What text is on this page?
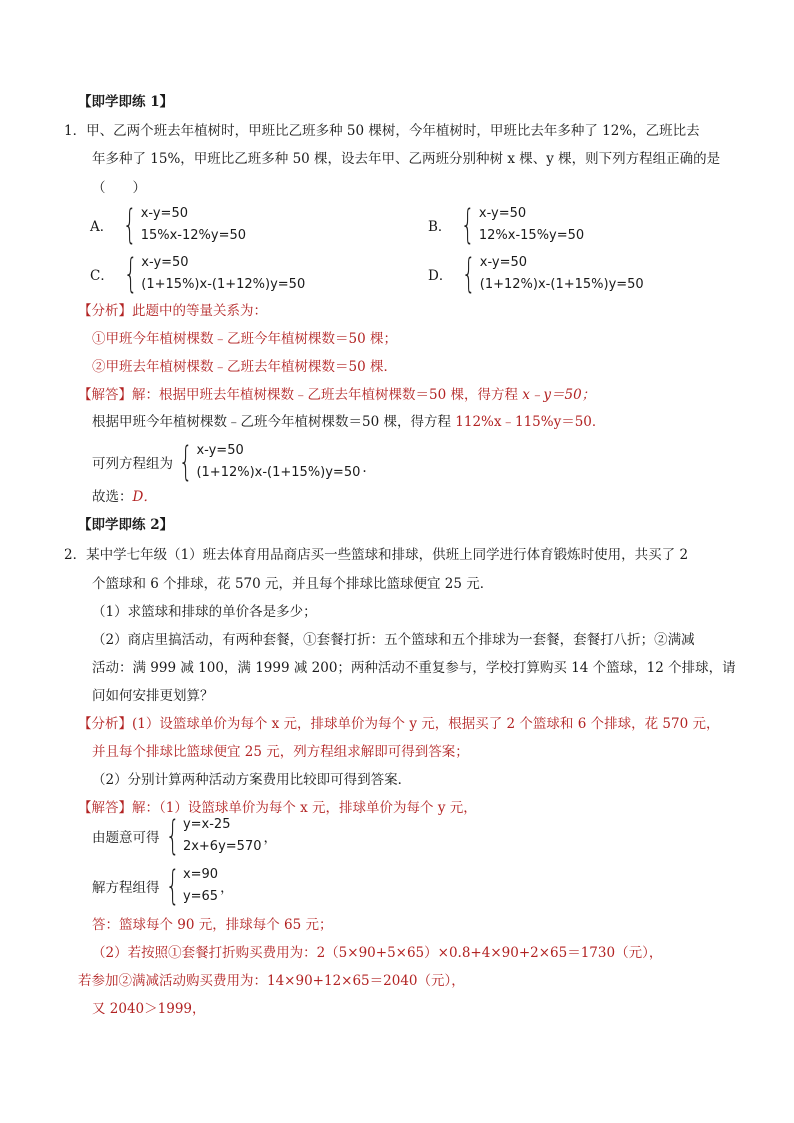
【即学即练 1】
1．甲、乙两个班去年植树时，甲班比乙班多种 50 棵树，今年植树时，甲班比去年多种了 12%，乙班比去
年多种了 15%，甲班比乙班多种 50 棵，设去年甲、乙两班分别种树 x 棵、y 棵，则下列方程组正确的是
（　　）
A． { x-y=50
15%x-12%y=50
B． { x-y=50
12%x-15%y=50
C． { x-y=50
(1+15%)x-(1+12%)y=50
D． { x-y=50
(1+12%)x-(1+15%)y=50
【分析】此题中的等量关系为：
①甲班今年植树棵数﹣乙班今年植树棵数＝50 棵；
②甲班去年植树棵数﹣乙班去年植树棵数＝50 棵．
【解答】解：根据甲班去年植树棵数﹣乙班去年植树棵数＝50 棵，得方程 x﹣y＝50；
根据甲班今年植树棵数﹣乙班今年植树棵数＝50 棵，得方程 112%x﹣115%y＝50．
可列方程组为 { x-y=50
(1+12%)x-(1+15%)y=50 .
故选：D．
【即学即练 2】
2．某中学七年级（1）班去体育用品商店买一些篮球和排球，供班上同学进行体育锻炼时使用，共买了 2
个篮球和 6 个排球，花 570 元，并且每个排球比篮球便宜 25 元．
（1）求篮球和排球的单价各是多少；
（2）商店里搞活动，有两种套餐，①套餐打折：五个篮球和五个排球为一套餐，套餐打八折；②满减
活动：满 999 减 100，满 1999 减 200；两种活动不重复参与，学校打算购买 14 个篮球，12 个排球，请
问如何安排更划算？
【分析】(1）设篮球单价为每个 x 元，排球单价为每个 y 元，根据买了 2 个篮球和 6 个排球，花 570 元，
并且每个排球比篮球便宜 25 元，列方程组求解即可得到答案；
（2）分别计算两种活动方案费用比较即可得到答案．
【解答】解：（1）设篮球单价为每个 x 元，排球单价为每个 y 元，
由题意可得 { y=x-25
2x+6y=570
，
解方程组得 { x=90
y=65
，
答：篮球每个 90 元，排球每个 65 元；
（2）若按照①套餐打折购买费用为：2（5×90+5×65）×0.8+4×90+2×65＝1730（元），
若参加②满减活动购买费用为：14×90+12×65＝2040（元），
又 2040＞1999，
